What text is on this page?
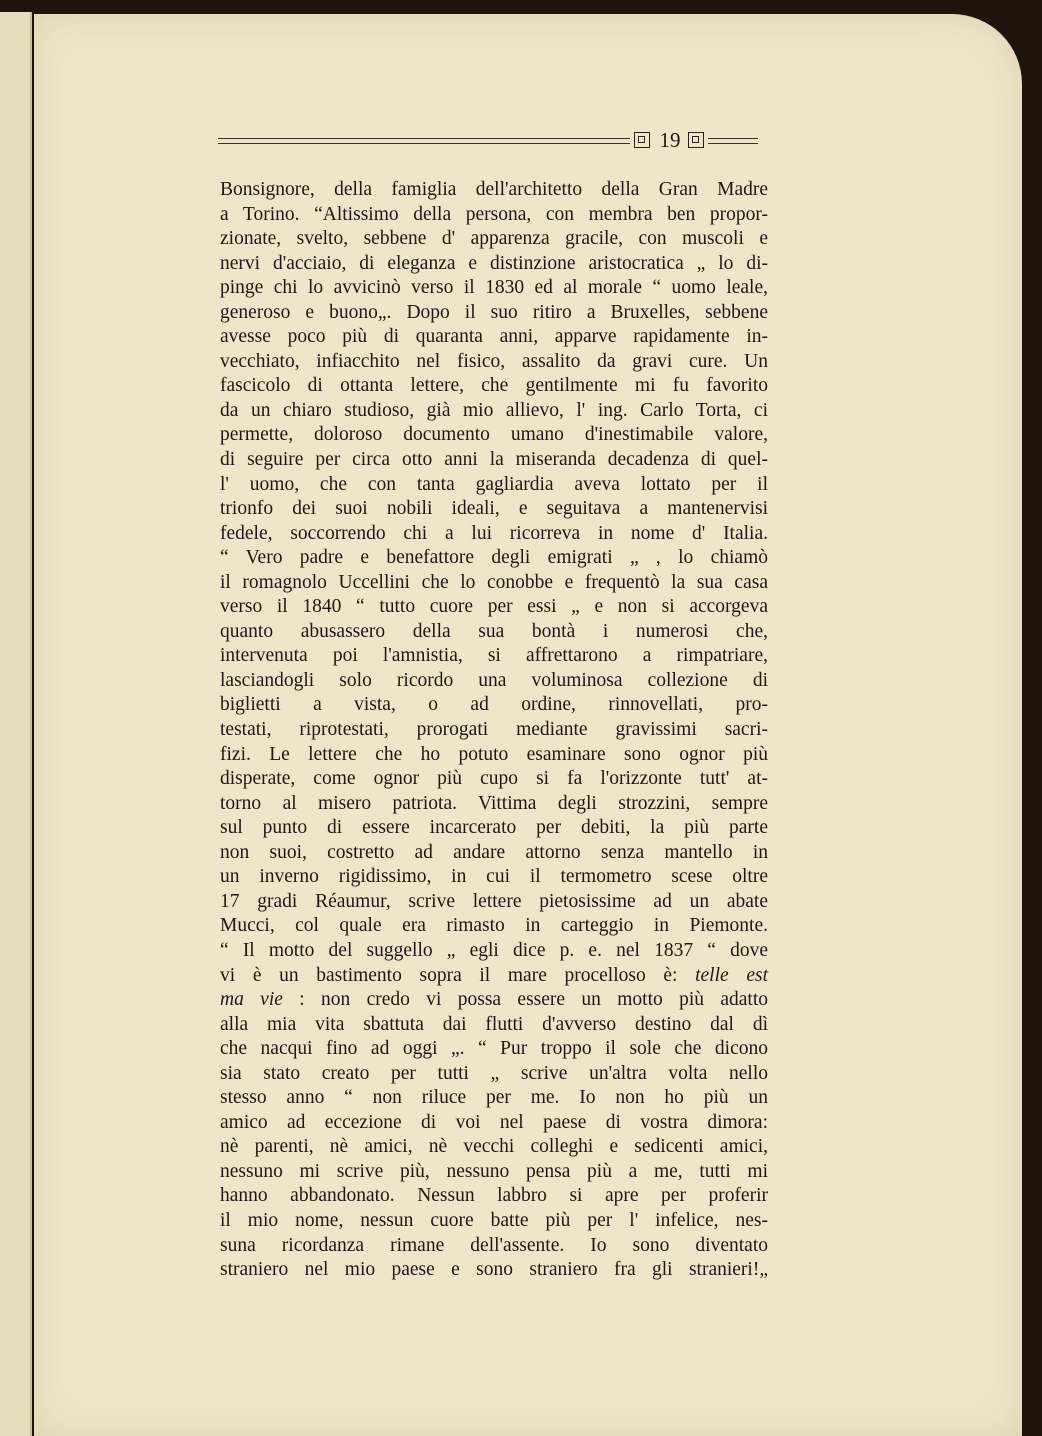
19
Bonsignore, della famiglia dell'architetto della Gran Madre
a Torino. “Altissimo della persona, con membra ben propor-
zionate, svelto, sebbene d' apparenza gracile, con muscoli e
nervi d'acciaio, di eleganza e distinzione aristocratica „ lo di-
pinge chi lo avvicinò verso il 1830 ed al morale “ uomo leale,
generoso e buono„. Dopo il suo ritiro a Bruxelles, sebbene
avesse poco più di quaranta anni, apparve rapidamente in-
vecchiato, infiacchito nel fisico, assalito da gravi cure. Un
fascicolo di ottanta lettere, che gentilmente mi fu favorito
da un chiaro studioso, già mio allievo, l' ing. Carlo Torta, ci
permette, doloroso documento umano d'inestimabile valore,
di seguire per circa otto anni la miseranda decadenza di quel-
l' uomo, che con tanta gagliardia aveva lottato per il
trionfo dei suoi nobili ideali, e seguitava a mantenervisi
fedele, soccorrendo chi a lui ricorreva in nome d' Italia.
“ Vero padre e benefattore degli emigrati „ , lo chiamò
il romagnolo Uccellini che lo conobbe e frequentò la sua casa
verso il 1840 “ tutto cuore per essi „ e non si accorgeva
quanto abusassero della sua bontà i numerosi che,
intervenuta poi l'amnistia, si affrettarono a rimpatriare,
lasciandogli solo ricordo una voluminosa collezione di
biglietti a vista, o ad ordine, rinnovellati, pro-
testati, riprotestati, prorogati mediante gravissimi sacri-
fizi. Le lettere che ho potuto esaminare sono ognor più
disperate, come ognor più cupo si fa l'orizzonte tutt' at-
torno al misero patriota. Vittima degli strozzini, sempre
sul punto di essere incarcerato per debiti, la più parte
non suoi, costretto ad andare attorno senza mantello in
un inverno rigidissimo, in cui il termometro scese oltre
17 gradi Réaumur, scrive lettere pietosissime ad un abate
Mucci, col quale era rimasto in carteggio in Piemonte.
“ Il motto del suggello „ egli dice p. e. nel 1837 “ dove
vi è un bastimento sopra il mare procelloso è: telle est
ma vie : non credo vi possa essere un motto più adatto
alla mia vita sbattuta dai flutti d'avverso destino dal dì
che nacqui fino ad oggi „. “ Pur troppo il sole che dicono
sia stato creato per tutti „ scrive un'altra volta nello
stesso anno “ non riluce per me. Io non ho più un
amico ad eccezione di voi nel paese di vostra dimora:
nè parenti, nè amici, nè vecchi colleghi e sedicenti amici,
nessuno mi scrive più, nessuno pensa più a me, tutti mi
hanno abbandonato. Nessun labbro si apre per proferir
il mio nome, nessun cuore batte più per l' infelice, nes-
suna ricordanza rimane dell'assente. Io sono diventato
straniero nel mio paese e sono straniero fra gli stranieri!„
